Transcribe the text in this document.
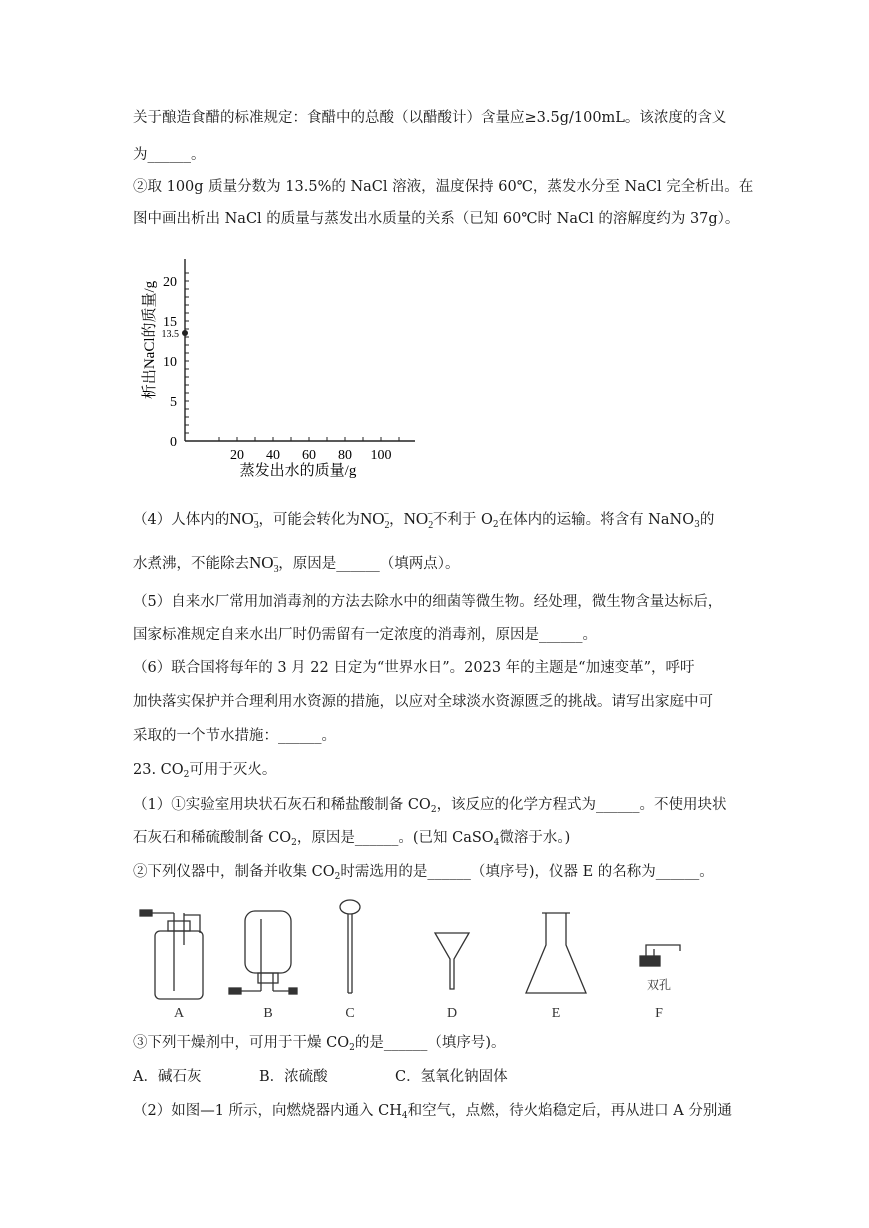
关于酿造食醋的标准规定：食醋中的总酸（以醋酸计）含量应≥3.5g/100mL。该浓度的含义
为______。
②取 100g 质量分数为 13.5%的 NaCl 溶液，温度保持 60℃，蒸发水分至 NaCl 完全析出。在
图中画出析出 NaCl 的质量与蒸发出水质量的关系（已知 60℃时 NaCl 的溶解度约为 37g）。
0
5
10
15
20
20 40 60 80 100
13.5
析出NaCl的质量/g
蒸发出水的质量/g
（4）人体内的$NO_3^-$，可能会转化为$NO_2^-$，$NO_2^-$不利于 $O_2$在体内的运输。将含有 NaNO$_3$的
水煮沸，不能除去$NO_3^-$，原因是______（填两点）。
（5）自来水厂常用加消毒剂的方法去除水中的细菌等微生物。经处理，微生物含量达标后，
国家标准规定自来水出厂时仍需留有一定浓度的消毒剂，原因是______。
（6）联合国将每年的 3 月 22 日定为“世界水日”。2023 年的主题是“加速变革”，呼吁
加快落实保护并合理利用水资源的措施，以应对全球淡水资源匮乏的挑战。请写出家庭中可
采取的一个节水措施：______。
23. $CO_2$可用于灭火。
（1）①实验室用块状石灰石和稀盐酸制备 $CO_2$，该反应的化学方程式为______。不使用块状
石灰石和稀硫酸制备 $CO_2$，原因是______。(已知 CaSO$_4$微溶于水。)
②下列仪器中，制备并收集 $CO_2$时需选用的是______（填序号)，仪器 E 的名称为______。
A	B	C	D	E	F
双孔
③下列干燥剂中，可用于干燥 $CO_2$的是______（填序号)。
A．碱石灰	B．浓硫酸	C．氢氧化钠固体
（2）如图—1 所示，向燃烧器内通入 $CH_4$和空气，点燃，待火焰稳定后，再从进口 A 分别通
